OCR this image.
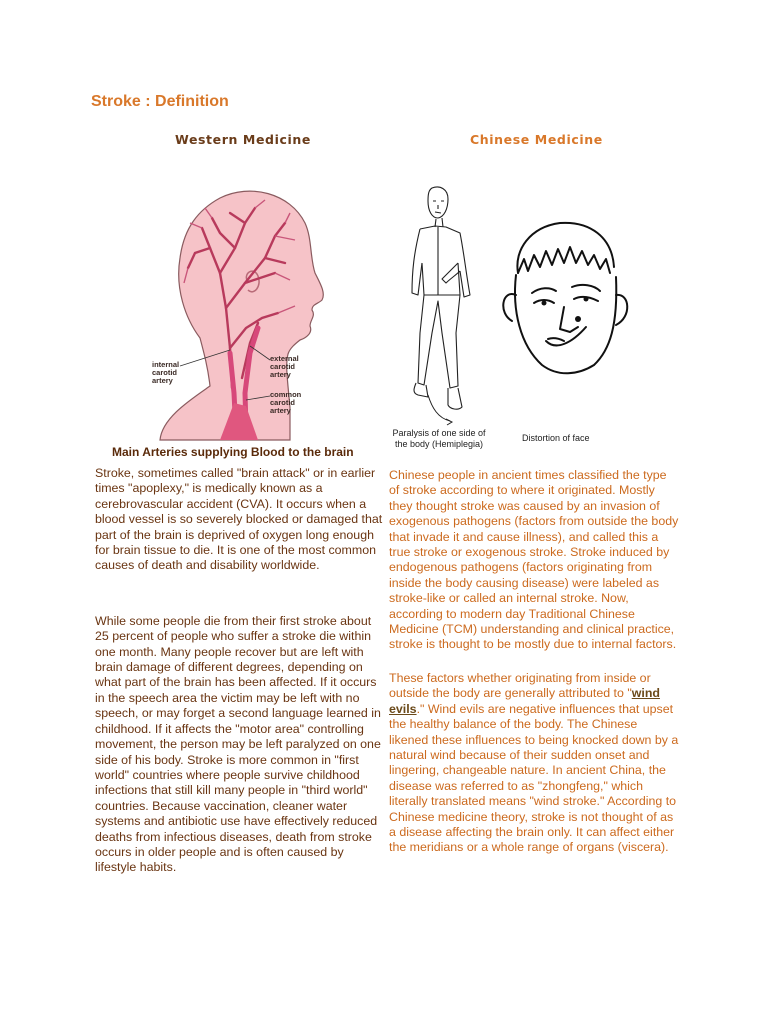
Stroke : Definition
Western Medicine	Chinese Medicine
internal
carotid
artery
external
carotid
artery
common
carotid
artery
Main Arteries supplying Blood to the brain
Paralysis of one side of
the body (Hemiplegia)
Distortion of face

Stroke, sometimes called "brain attack" or in earlier times "apoplexy," is medically known as a cerebrovascular accident (CVA). It occurs when a blood vessel is so severely blocked or damaged that part of the brain is deprived of oxygen long enough for brain tissue to die. It is one of the most common causes of death and disability worldwide.

While some people die from their first stroke about 25 percent of people who suffer a stroke die within one month. Many people recover but are left with brain damage of different degrees, depending on what part of the brain has been affected. If it occurs in the speech area the victim may be left with no speech, or may forget a second language learned in childhood. If it affects the "motor area" controlling movement, the person may be left paralyzed on one side of his body. Stroke is more common in "first world" countries where people survive childhood infections that still kill many people in "third world" countries. Because vaccination, cleaner water systems and antibiotic use have effectively reduced deaths from infectious diseases, death from stroke occurs in older people and is often caused by lifestyle habits.

Chinese people in ancient times classified the type of stroke according to where it originated. Mostly they thought stroke was caused by an invasion of exogenous pathogens (factors from outside the body that invade it and cause illness), and called this a true stroke or exogenous stroke. Stroke induced by endogenous pathogens (factors originating from inside the body causing disease) were labeled as stroke-like or called an internal stroke. Now, according to modern day Traditional Chinese Medicine (TCM) understanding and clinical practice, stroke is thought to be mostly due to internal factors.

These factors whether originating from inside or outside the body are generally attributed to "wind evils." Wind evils are negative influences that upset the healthy balance of the body. The Chinese likened these influences to being knocked down by a natural wind because of their sudden onset and lingering, changeable nature. In ancient China, the disease was referred to as "zhongfeng," which literally translated means "wind stroke." According to Chinese medicine theory, stroke is not thought of as a disease affecting the brain only. It can affect either the meridians or a whole range of organs (viscera).
